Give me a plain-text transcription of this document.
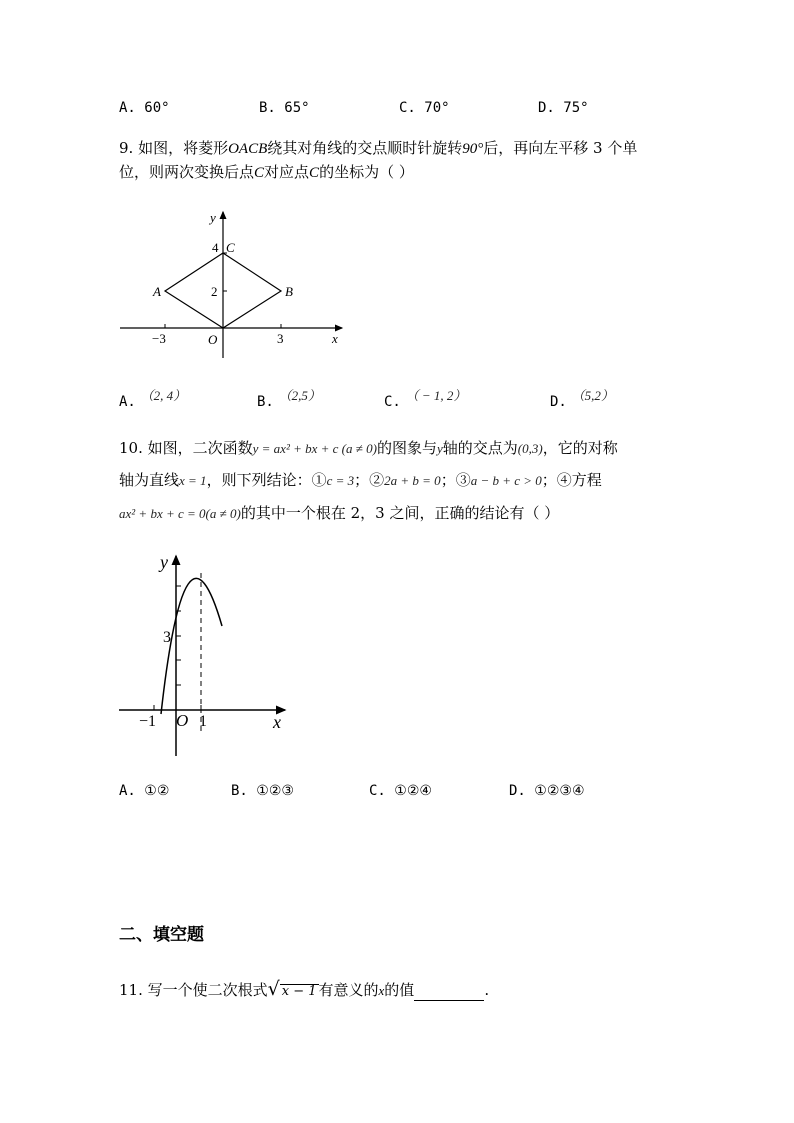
A. 60°	B. 65°	C. 70°	D. 75°
9. 如图，将菱形OACB绕其对角线的交点顺时针旋转90°后，再向左平移 3 个单
位，则两次变换后点C对应点C的坐标为（ ）
y
x
O
C
A	B
4
2
3
−3
A. （2, 4）	B. （2,5）	C. （ − 1, 2）	D. （5,2）
10. 如图，二次函数y = ax² + bx + c (a ≠ 0)的图象与y轴的交点为(0,3)，它的对称
轴为直线x = 1，则下列结论：①c = 3；②2a + b = 0；③a − b + c > 0；④方程
ax² + bx + c = 0(a ≠ 0)的其中一个根在 2，3 之间，正确的结论有（ ）
y
x
O
−1	1
3
A. ①②	B. ①②③	C. ①②④	D. ①②③④
二、填空题
11. 写一个使二次根式√ x − 1 有意义的x的值	.
